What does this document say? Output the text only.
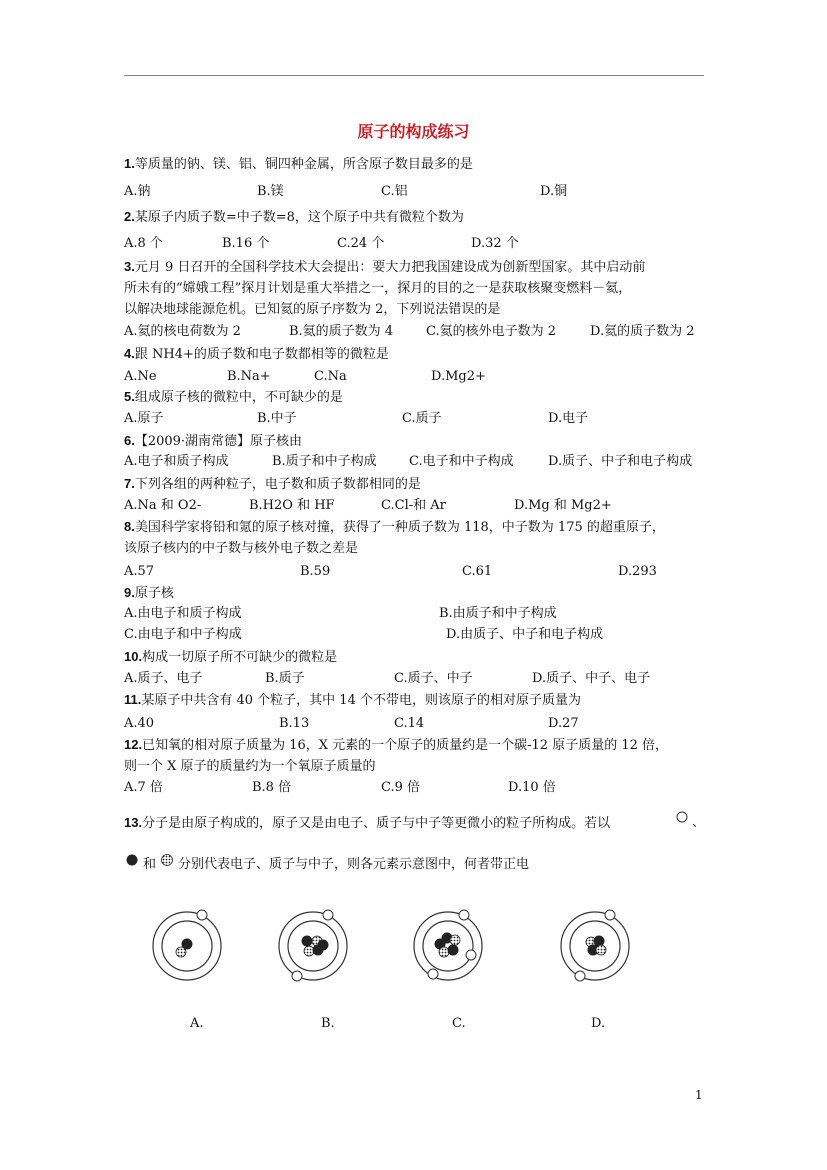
原子的构成练习
1.等质量的钠、镁、铝、铜四种金属，所含原子数目最多的是
A.钠	B.镁	C.铝	D.铜
2.某原子内质子数=中子数=8，这个原子中共有微粒个数为
A.8 个	B.16 个	C.24 个	D.32 个
3.元月 9 日召开的全国科学技术大会提出：要大力把我国建设成为创新型国家。其中启动前
所未有的“嫦娥工程”探月计划是重大举措之一，探月的目的之一是获取核聚变燃料－氦，
以解决地球能源危机。已知氦的原子序数为 2，下列说法错误的是
A.氦的核电荷数为 2	B.氦的质子数为 4	C.氦的核外电子数为 2	D.氦的质子数为 2
4.跟 NH4+的质子数和电子数都相等的微粒是
A.Ne	B.Na+	C.Na	D.Mg2+
5.组成原子核的微粒中，不可缺少的是
A.原子	B.中子	C.质子	D.电子
6.【2009·湖南常德】原子核由
A.电子和质子构成	B.质子和中子构成 C.电子和中子构成	D.质子、中子和电子构成
7.下列各组的两种粒子，电子数和质子数都相同的是
A.Na 和 O2-	B.H2O 和 HF	C.Cl-和 Ar	D.Mg 和 Mg2+
8.美国科学家将铅和氪的原子核对撞，获得了一种质子数为 118，中子数为 175 的超重原子，
该原子核内的中子数与核外电子数之差是
A.57	B.59	C.61	D.293
9.原子核
A.由电子和质子构成	B.由质子和中子构成
C.由电子和中子构成	D.由质子、中子和电子构成
10.构成一切原子所不可缺少的微粒是
A.质子、电子	B.质子	C.质子、中子	D.质子、中子、电子
11.某原子中共含有 40 个粒子，其中 14 个不带电，则该原子的相对原子质量为
A.40	B.13	C.14	D.27
12.已知氧的相对原子质量为 16，X 元素的一个原子的质量约是一个碳-12 原子质量的 12 倍，
则一个 X 原子的质量约为一个氧原子质量的
A.7 倍	B.8 倍	C.9 倍	D.10 倍
13.分子是由原子构成的，原子又是由电子、质子与中子等更微小的粒子所构成。若以	、
和 分别代表电子、质子与中子，则各元素示意图中，何者带正电
A.	B.	C.	D.
1
